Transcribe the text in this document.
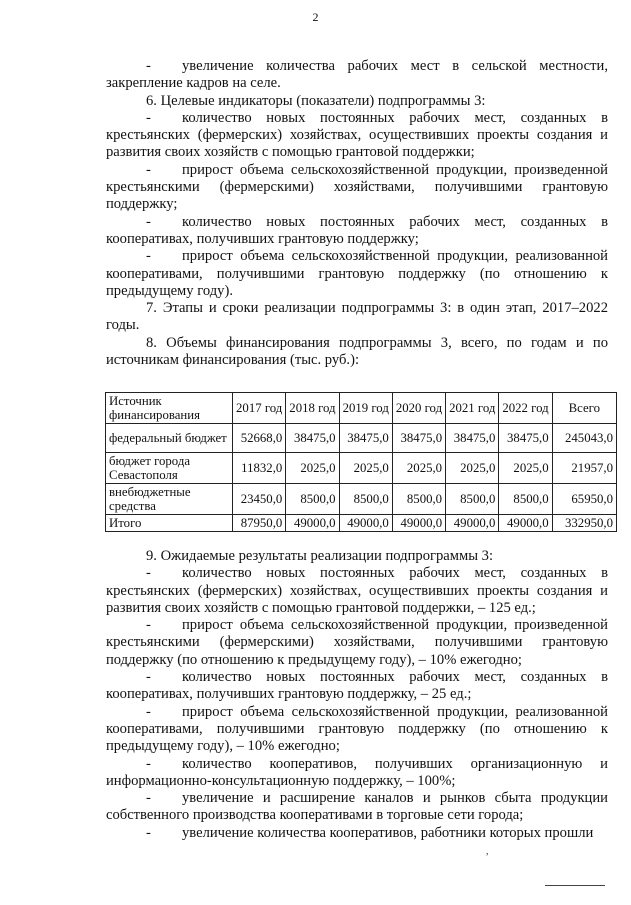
2

- увеличение количества рабочих мест в сельской местности, закрепление кадров на селе.

6. Целевые индикаторы (показатели) подпрограммы 3:

- количество новых постоянных рабочих мест, созданных в крестьянских (фермерских) хозяйствах, осуществивших проекты создания и развития своих хозяйств с помощью грантовой поддержки;

- прирост объема сельскохозяйственной продукции, произведенной крестьянскими (фермерскими) хозяйствами, получившими грантовую поддержку;

- количество новых постоянных рабочих мест, созданных в кооперативах, получивших грантовую поддержку;

- прирост объема сельскохозяйственной продукции, реализованной кооперативами, получившими грантовую поддержку (по отношению к предыдущему году).

7. Этапы и сроки реализации подпрограммы 3: в один этап, 2017–2022 годы.

8. Объемы финансирования подпрограммы 3, всего, по годам и по источникам финансирования (тыс. руб.):

Источник финансирования	2017 год	2018 год	2019 год	2020 год	2021 год	2022 год	Всего
федеральный бюджет	52668,0	38475,0	38475,0	38475,0	38475,0	38475,0	245043,0
бюджет города Севастополя	11832,0	2025,0	2025,0	2025,0	2025,0	2025,0	21957,0
внебюджетные средства	23450,0	8500,0	8500,0	8500,0	8500,0	8500,0	65950,0
Итого	87950,0	49000,0	49000,0	49000,0	49000,0	49000,0	332950,0

9. Ожидаемые результаты реализации подпрограммы 3:

- количество новых постоянных рабочих мест, созданных в крестьянских (фермерских) хозяйствах, осуществивших проекты создания и развития своих хозяйств с помощью грантовой поддержки, – 125 ед.;

- прирост объема сельскохозяйственной продукции, произведенной крестьянскими (фермерскими) хозяйствами, получившими грантовую поддержку (по отношению к предыдущему году), – 10% ежегодно;

- количество новых постоянных рабочих мест, созданных в кооперативах, получивших грантовую поддержку, – 25 ед.;

- прирост объема сельскохозяйственной продукции, реализованной кооперативами, получившими грантовую поддержку (по отношению к предыдущему году), – 10% ежегодно;

- количество кооперативов, получивших организационную и информационно-консультационную поддержку, – 100%;

- увеличение и расширение каналов и рынков сбыта продукции собственного производства кооперативами в торговые сети города;

- увеличение количества кооперативов, работники которых прошли

,
